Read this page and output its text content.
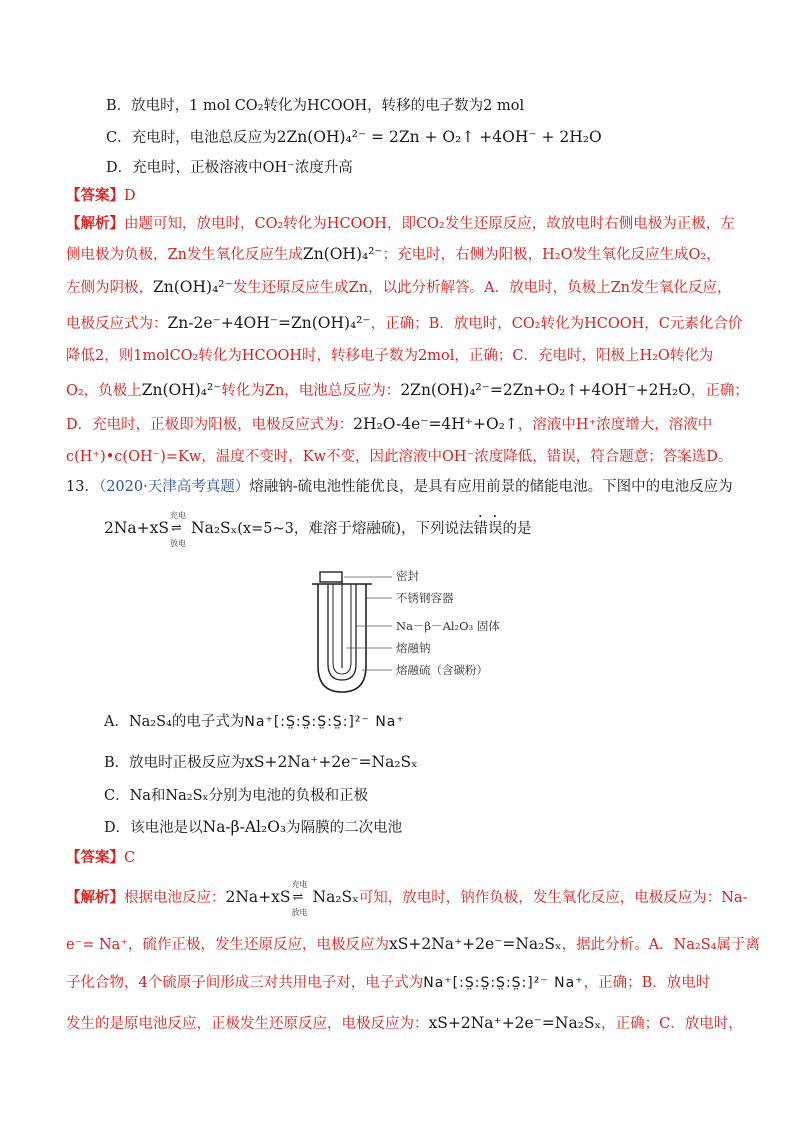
B．放电时，1 mol CO₂转化为HCOOH，转移的电子数为2 mol
C．充电时，电池总反应为2Zn(OH)₄²⁻ = 2Zn + O₂↑ +4OH⁻ + 2H₂O
D．充电时，正极溶液中OH⁻浓度升高
【答案】D
【解析】由题可知，放电时，CO₂转化为HCOOH，即CO₂发生还原反应，故放电时右侧电极为正极，左
侧电极为负极，Zn发生氧化反应生成Zn(OH)₄²⁻；充电时，右侧为阳极，H₂O发生氧化反应生成O₂，
左侧为阴极，Zn(OH)₄²⁻发生还原反应生成Zn，以此分析解答。A．放电时，负极上Zn发生氧化反应，
电极反应式为：Zn-2e⁻+4OH⁻=Zn(OH)₄²⁻，正确；B．放电时，CO₂转化为HCOOH，C元素化合价
降低2，则1molCO₂转化为HCOOH时，转移电子数为2mol，正确；C．充电时，阳极上H₂O转化为
O₂，负极上Zn(OH)₄²⁻转化为Zn，电池总反应为：2Zn(OH)₄²⁻=2Zn+O₂↑+4OH⁻+2H₂O，正确；
D．充电时，正极即为阳极，电极反应式为：2H₂O-4e⁻=4H⁺+O₂↑，溶液中H⁺浓度增大，溶液中
c(H⁺)•c(OH⁻)=Kw，温度不变时，Kw不变，因此溶液中OH⁻浓度降低，错误，符合题意；答案选D。
13．（2020·天津高考真题）熔融钠-硫电池性能优良，是具有应用前景的储能电池。下图中的电池反应为
2Na+xS
充电
⇌
放电
Na₂Sₓ(x=5~3，难溶于熔融硫)，下列说法错误的是
密封
不锈钢容器
Na－β－Al₂O₃ 固体
熔融钠
熔融硫（含碳粉）
A．Na₂S₄的电子式为Na⁺[:S̤:S̤:S̤:S̤:]²⁻ Na⁺
B．放电时正极反应为xS+2Na⁺+2e⁻=Na₂Sₓ
C．Na和Na₂Sₓ分别为电池的负极和正极
D．该电池是以Na-β-Al₂O₃为隔膜的二次电池
【答案】C
【解析】根据电池反应：2Na+xS
充电
⇌
放电
Na₂Sₓ可知，放电时，钠作负极，发生氧化反应，电极反应为：Na-
e⁻= Na⁺，硫作正极，发生还原反应，电极反应为xS+2Na⁺+2e⁻=Na₂Sₓ，据此分析。A．Na₂S₄属于离
子化合物，4个硫原子间形成三对共用电子对，电子式为Na⁺[:S̤:S̤:S̤:S̤:]²⁻ Na⁺，正确；B．放电时
发生的是原电池反应，正极发生还原反应，电极反应为：xS+2Na⁺+2e⁻=Na₂Sₓ，正确；C．放电时，
